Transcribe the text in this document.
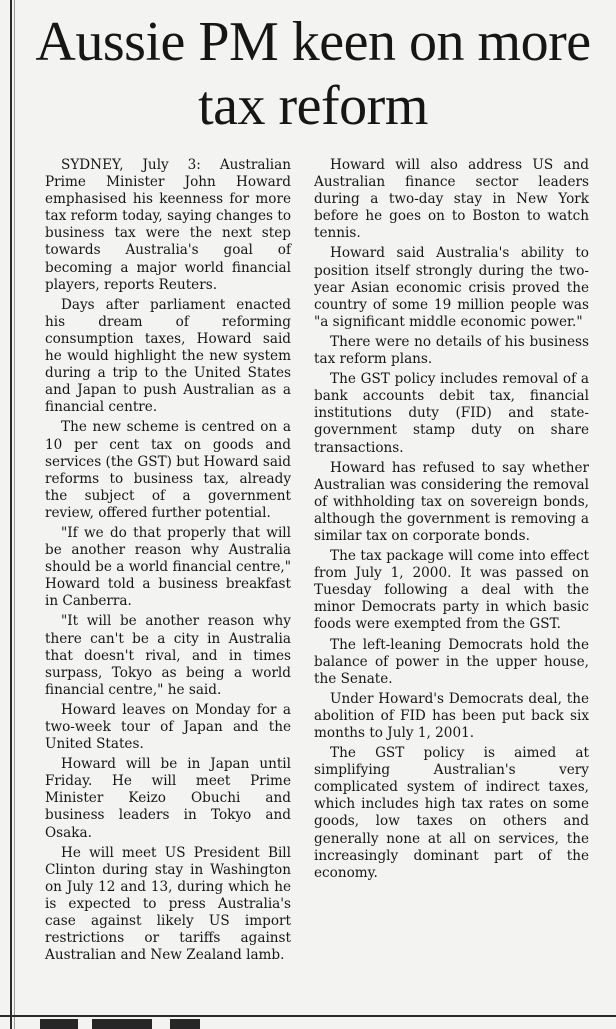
Aussie PM keen on more tax reform

SYDNEY, July 3: Australian Prime Minister John Howard emphasised his keenness for more tax reform today, saying changes to business tax were the next step towards Australia's goal of becoming a major world financial players, reports Reuters.

Days after parliament enacted his dream of reforming consumption taxes, Howard said he would highlight the new system during a trip to the United States and Japan to push Australian as a financial centre.

The new scheme is centred on a 10 per cent tax on goods and services (the GST) but Howard said reforms to business tax, already the subject of a government review, offered further potential.

"If we do that properly that will be another reason why Australia should be a world financial centre," Howard told a business breakfast in Canberra.

"It will be another reason why there can't be a city in Australia that doesn't rival, and in times surpass, Tokyo as being a world financial centre," he said.

Howard leaves on Monday for a two-week tour of Japan and the United States.

Howard will be in Japan until Friday. He will meet Prime Minister Keizo Obuchi and business leaders in Tokyo and Osaka.

He will meet US President Bill Clinton during stay in Washington on July 12 and 13, during which he is expected to press Australia's case against likely US import restrictions or tariffs against Australian and New Zealand lamb.

Howard will also address US and Australian finance sector leaders during a two-day stay in New York before he goes on to Boston to watch tennis.

Howard said Australia's ability to position itself strongly during the two-year Asian economic crisis proved the country of some 19 million people was "a significant middle economic power."

There were no details of his business tax reform plans.

The GST policy includes removal of a bank accounts debit tax, financial institutions duty (FID) and state-government stamp duty on share transactions.

Howard has refused to say whether Australian was considering the removal of withholding tax on sovereign bonds, although the government is removing a similar tax on corporate bonds.

The tax package will come into effect from July 1, 2000. It was passed on Tuesday following a deal with the minor Democrats party in which basic foods were exempted from the GST.

The left-leaning Democrats hold the balance of power in the upper house, the Senate.

Under Howard's Democrats deal, the abolition of FID has been put back six months to July 1, 2001.

The GST policy is aimed at simplifying Australian's very complicated system of indirect taxes, which includes high tax rates on some goods, low taxes on others and generally none at all on services, the increasingly dominant part of the economy.
